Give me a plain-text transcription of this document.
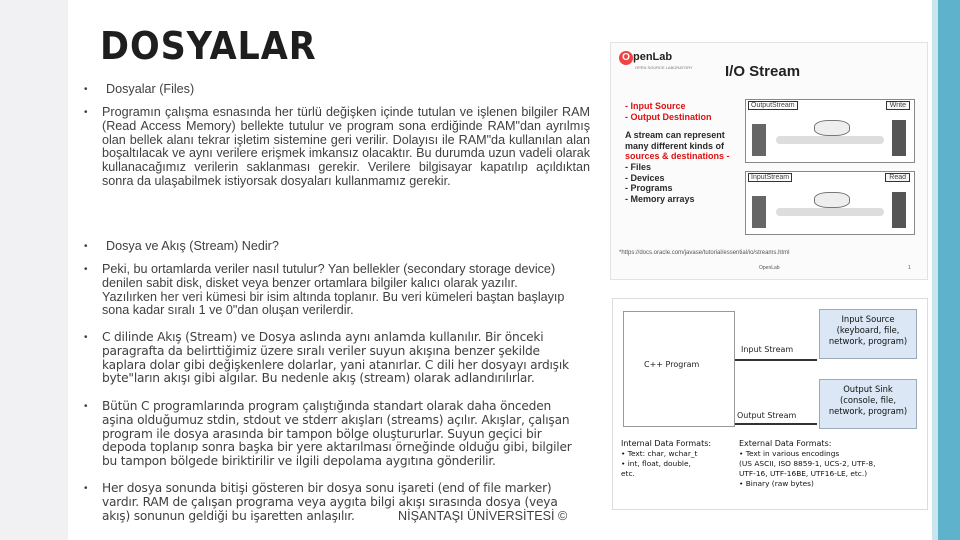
DOSYALAR
• Dosyalar (Files)
• Programın çalışma esnasında her türlü değişken içinde tutulan ve işlenen bilgiler RAM (Read Access Memory) bellekte tutulur ve program sona erdiğinde RAM"dan ayrılmış olan bellek alanı tekrar işletim sistemine geri verilir. Dolayısı ile RAM"da kullanılan alan boşaltılacak ve aynı verilere erişmek imkansız olacaktır. Bu durumda uzun vadeli olarak kullanacağımız verilerin saklanması gerekir. Verilere bilgisayar kapatılıp açıldıktan sonra da ulaşabilmek istiyorsak dosyaları kullanmamız gerekir.
• Dosya ve Akış (Stream) Nedir?
• Peki, bu ortamlarda veriler nasıl tutulur? Yan bellekler (secondary storage device) denilen sabit disk, disket veya benzer ortamlara bilgiler kalıcı olarak yazılır. Yazılırken her veri kümesi bir isim altında toplanır. Bu veri kümeleri baştan başlayıp sona kadar sıralı 1 ve 0"dan oluşan verilerdir.
• C dilinde Akış (Stream) ve Dosya aslında aynı anlamda kullanılır. Bir önceki paragrafta da belirttiğimiz üzere sıralı veriler suyun akışına benzer şekilde kaplara dolar gibi değişkenlere dolarlar, yani atanırlar. C dili her dosyayı ardışık byte"ların akışı gibi algılar. Bu nedenle akış (stream) olarak adlandırılırlar.
• Bütün C programlarında program çalıştığında standart olarak daha önceden aşina olduğumuz stdin, stdout ve stderr akışları (streams) açılır. Akışlar, çalışan program ile dosya arasında bir tampon bölge oluştururlar. Suyun geçici bir depoda toplanıp sonra başka bir yere aktarılması örneğinde olduğu gibi, bilgiler bu tampon bölgede biriktirilir ve ilgili depolama aygıtına gönderilir.
• Her dosya sonunda bitişi gösteren bir dosya sonu işareti (end of file marker) vardır. RAM de çalışan programa veya aygıta bilgi akışı sırasında dosya (veya akış) sonunun geldiği bu işaretten anlaşılır.	NİŞANTAŞI ÜNİVERSİTESİ ©
O penLab
OPEN SOURCE LABORATORY I/O Stream
- Input Source
- Output Destination
A stream can represent
many different kinds of
sources & destinations -
- Files
- Devices
- Programs
- Memory arrays
OutputStream	Write
InputStream	Read
*https://docs.oracle.com/javase/tutorial/essential/io/streams.html
OpenLab	1
C++ Program
Input Source
(keyboard, file,
network, program)
Output Sink
(console, file,
network, program)
Input Stream
Output Stream
Internal Data Formats:
• Text: char, wchar_t
• int, float, double,
etc.
External Data Formats:
• Text in various encodings
(US ASCII, ISO 8859-1, UCS-2, UTF-8,
UTF-16, UTF-16BE, UTF16-LE, etc.)
• Binary (raw bytes)
